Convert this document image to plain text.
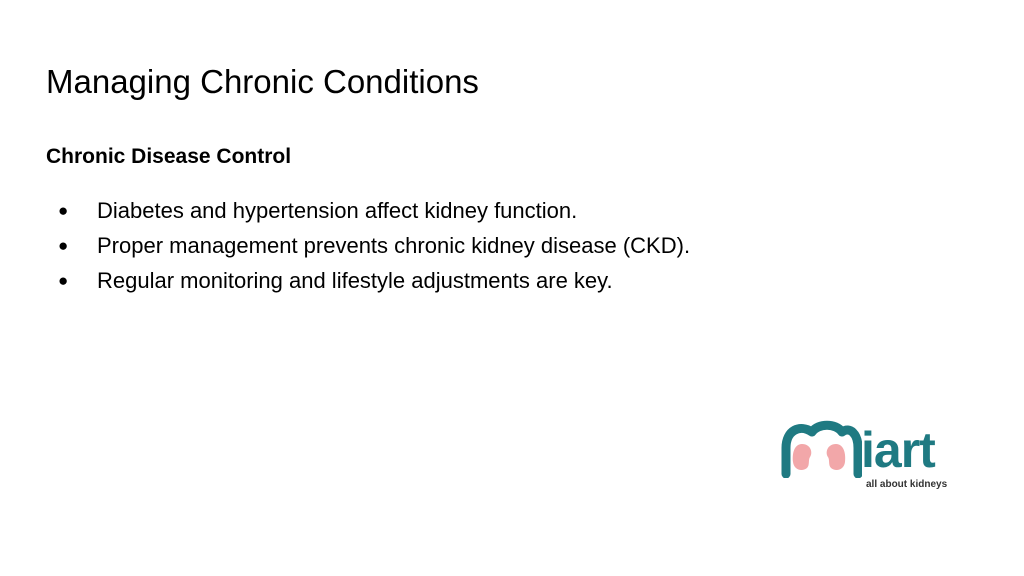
Managing Chronic Conditions
Chronic Disease Control
● Diabetes and hypertension affect kidney function.
● Proper management prevents chronic kidney disease (CKD).
● Regular monitoring and lifestyle adjustments are key.
iart
all about kidneys
